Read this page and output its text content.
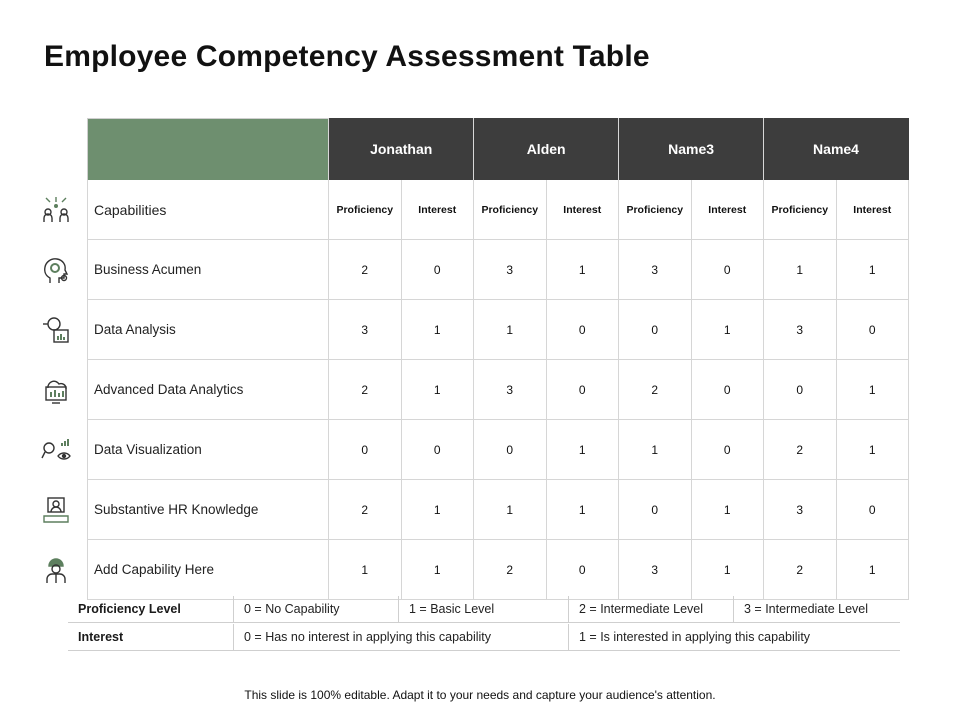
Employee Competency Assessment Table
Jonathan	Alden	Name3	Name4
Capabilities	Proficiency	Interest	Proficiency	Interest	Proficiency	Interest	Proficiency	Interest
Business Acumen	2	0	3	1	3	0	1	1
Data Analysis	3	1	1	0	0	1	3	0
Advanced Data Analytics	2	1	3	0	2	0	0	1
Data Visualization	0	0	0	1	1	0	2	1
Substantive HR Knowledge	2	1	1	1	0	1	3	0
Add Capability Here	1	1	2	0	3	1	2	1
Proficiency Level	0 = No Capability	1 = Basic Level	2 = Intermediate Level	3 = Intermediate Level
Interest	0 = Has no interest in applying this capability	1 = Is interested in applying this capability
This slide is 100% editable. Adapt it to your needs and capture your audience's attention.
